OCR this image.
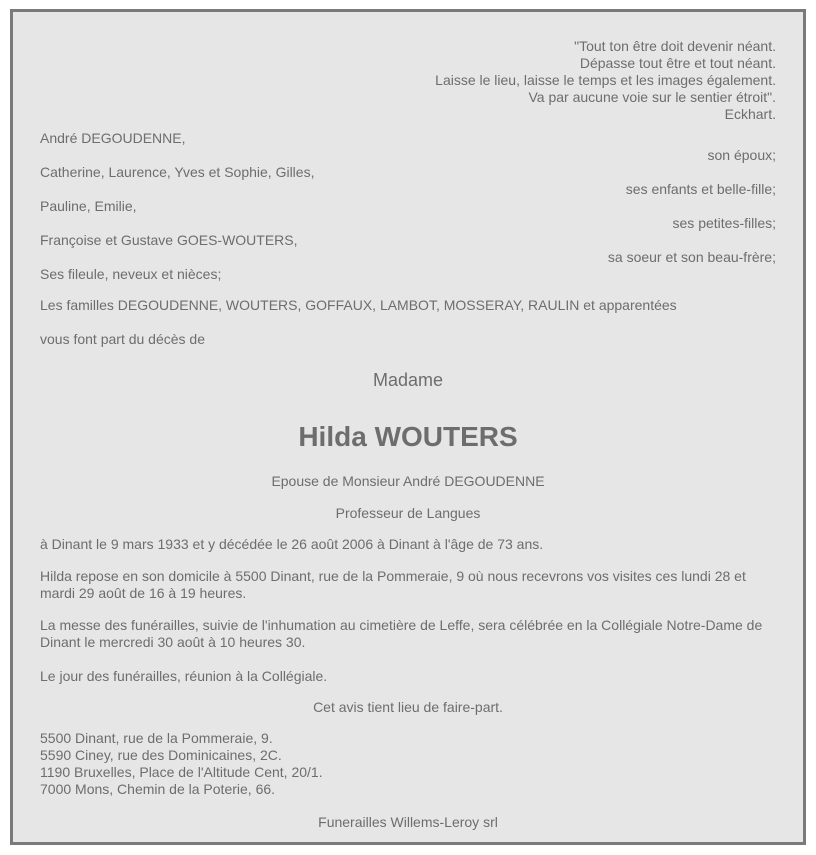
"Tout ton être doit devenir néant.
Dépasse tout être et tout néant.
Laisse le lieu, laisse le temps et les images également.
Va par aucune voie sur le sentier étroit".
Eckhart.
André DEGOUDENNE,
son époux;
Catherine, Laurence, Yves et Sophie, Gilles,
ses enfants et belle-fille;
Pauline, Emilie,
ses petites-filles;
Françoise et Gustave GOES-WOUTERS,
sa soeur et son beau-frère;
Ses fileule, neveux et nièces;
Les familles DEGOUDENNE, WOUTERS, GOFFAUX, LAMBOT, MOSSERAY, RAULIN et apparentées
vous font part du décès de
Madame
Hilda WOUTERS
Epouse de Monsieur André DEGOUDENNE
Professeur de Langues
à Dinant le 9 mars 1933 et y décédée le 26 août 2006 à Dinant à l'âge de 73 ans.
Hilda repose en son domicile à 5500 Dinant, rue de la Pommeraie, 9 où nous recevrons vos visites ces lundi 28 et mardi 29 août de 16 à 19 heures.
La messe des funérailles, suivie de l'inhumation au cimetière de Leffe, sera célébrée en la Collégiale Notre-Dame de Dinant le mercredi 30 août à 10 heures 30.
Le jour des funérailles, réunion à la Collégiale.
Cet avis tient lieu de faire-part.
5500 Dinant, rue de la Pommeraie, 9.
5590 Ciney, rue des Dominicaines, 2C.
1190 Bruxelles, Place de l'Altitude Cent, 20/1.
7000 Mons, Chemin de la Poterie, 66.
Funerailles Willems-Leroy srl
